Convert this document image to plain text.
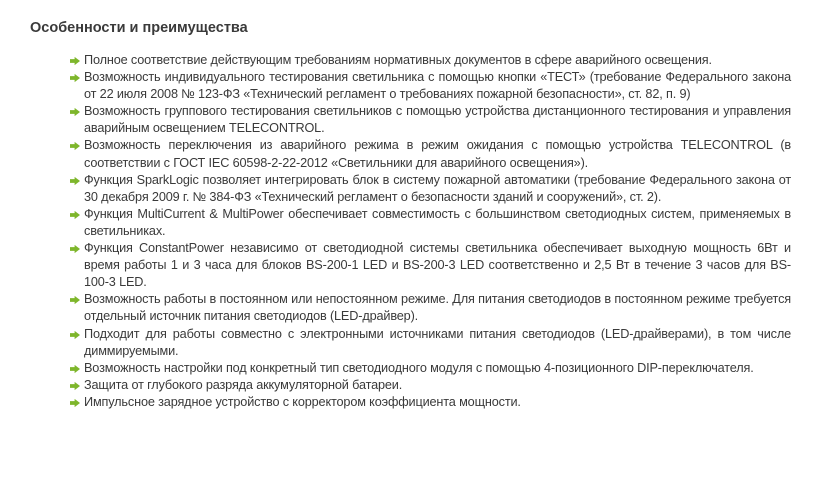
Особенности и преимущества
Полное соответствие действующим требованиям нормативных документов в сфере аварийного освещения.
Возможность индивидуального тестирования светильника с помощью кнопки «ТЕСТ» (требование Федерального закона от 22 июля 2008 № 123-ФЗ «Технический регламент о требованиях пожарной безопасности», ст. 82, п. 9)
Возможность группового тестирования светильников с помощью устройства дистанционного тестирования и управления аварийным освещением TELECONTROL.
Возможность переключения из аварийного режима в режим ожидания с помощью устройства TELECONTROL (в соответствии с ГОСТ IEC 60598-2-22-2012 «Светильники для аварийного освещения»).
Функция SparkLogic позволяет интегрировать блок в систему пожарной автоматики (требование Федерального закона от 30 декабря 2009 г. № 384-ФЗ «Технический регламент о безопасности зданий и сооружений», ст. 2).
Функция MultiCurrent & MultiPower обеспечивает совместимость с большинством светодиодных систем, применяемых в светильниках.
Функция ConstantPower независимо от светодиодной системы светильника обеспечивает выходную мощность 6Вт и время работы 1 и 3 часа для блоков BS-200-1 LED и BS-200-3 LED соответственно и 2,5 Вт в течение 3 часов для BS-100-3 LED.
Возможность работы в постоянном или непостоянном режиме. Для питания светодиодов в постоянном режиме требуется отдельный источник питания светодиодов (LED-драйвер).
Подходит для работы совместно с электронными источниками питания светодиодов (LED-драйверами), в том числе диммируемыми.
Возможность настройки под конкретный тип светодиодного модуля с помощью 4-позиционного DIP-переключателя.
Защита от глубокого разряда аккумуляторной батареи.
Импульсное зарядное устройство с корректором коэффициента мощности.
